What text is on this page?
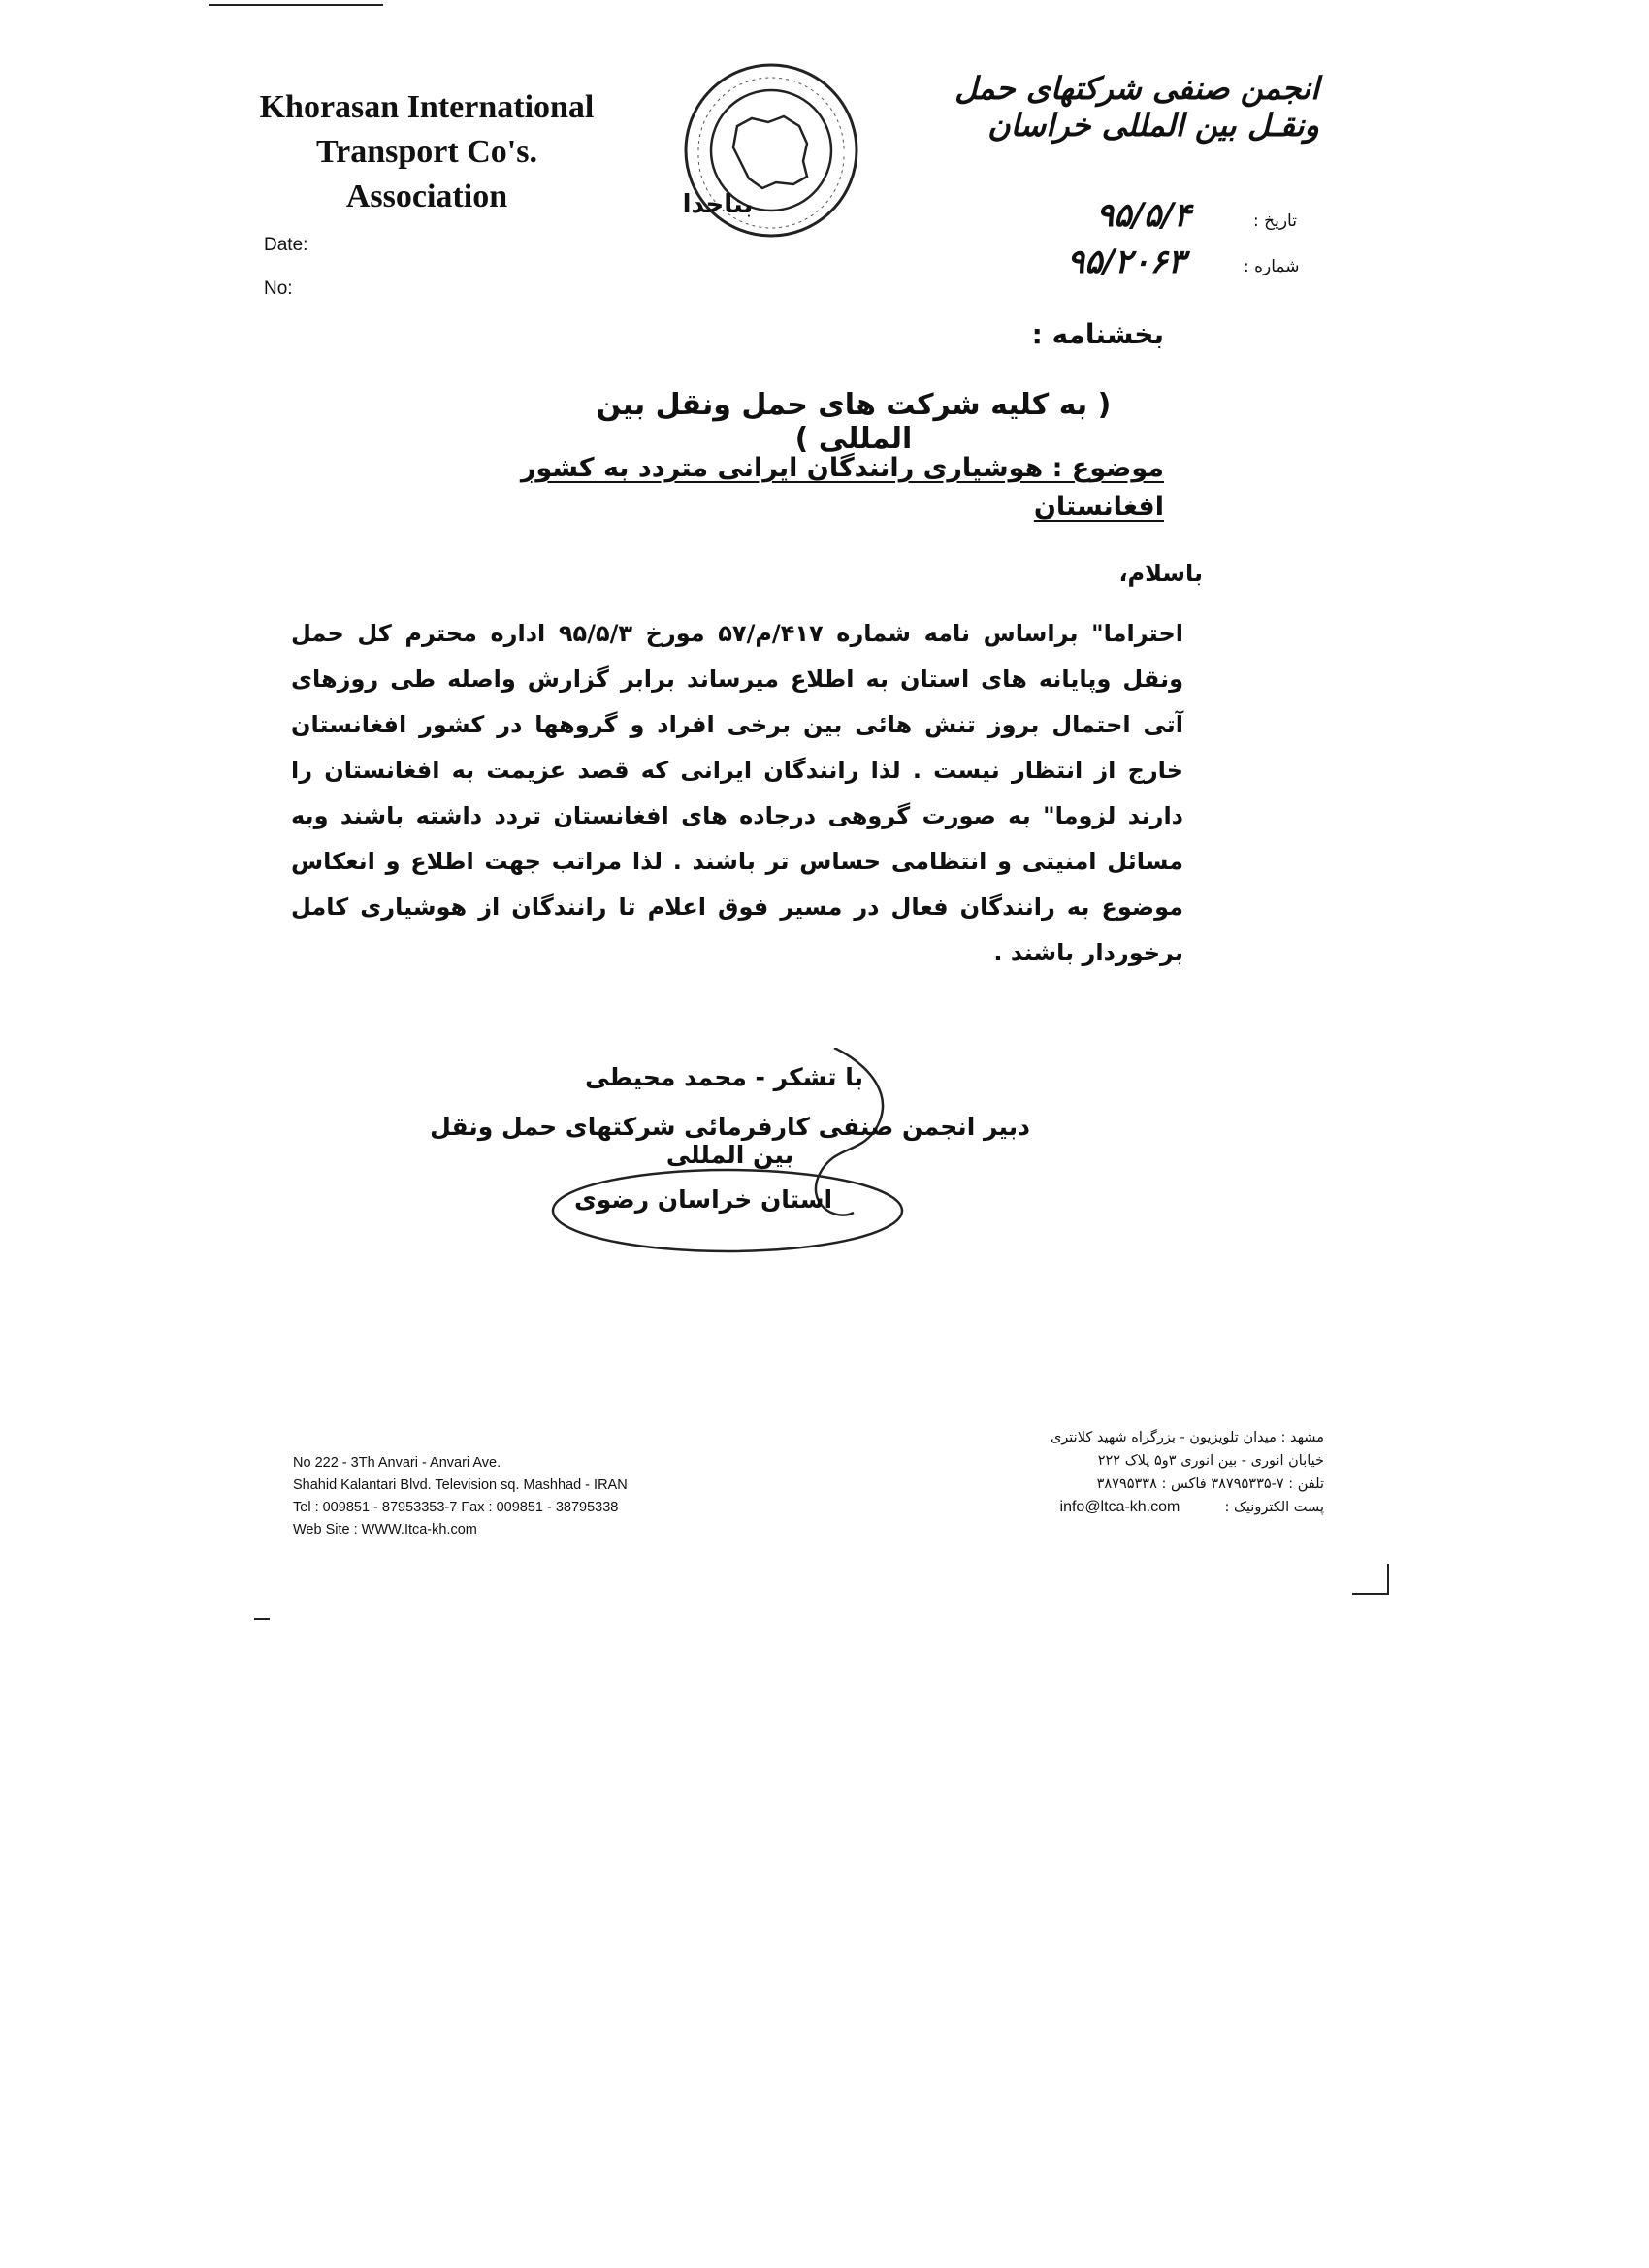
Khorasan International
Transport Co's. Association
انجمن صنفی شرکتهای حمل ونقـل بین المللی خراسان
بناحدا
Date:
No:
تاریخ :
شماره :
۹۵/۵/۴
۹۵/۲۰۶۳
بخشنامه :
( به کلیه شرکت های حمل ونقل بین المللی )
موضوع : هوشیاری رانندگان ایرانی متردد به کشور افغانستان
باسلام،
احتراما" براساس نامه شماره ۴۱۷/م/۵۷ مورخ ۹۵/۵/۳ اداره محترم کل حمل ونقل وپایانه های استان به اطلاع میرساند برابر گزارش واصله طی روزهای آتی احتمال بروز تنش هائی بین برخی افراد و گروهها در کشور افغانستان خارج از انتظار نیست . لذا رانندگان ایرانی که قصد عزیمت به افغانستان را دارند لزوما" به صورت گروهی درجاده های افغانستان تردد داشته باشند وبه مسائل امنیتی و انتظامی حساس تر باشند . لذا مراتب جهت اطلاع و انعکاس موضوع به رانندگان فعال در مسیر فوق اعلام تا رانندگان از هوشیاری کامل برخوردار باشند .
با تشکر - محمد محیطی
دبیر انجمن صنفی کارفرمائی شرکتهای حمل ونقل بین المللی
استان خراسان رضوی
No 222 - 3Th Anvari - Anvari Ave.
Shahid Kalantari Blvd. Television sq. Mashhad - IRAN
Tel : 009851 - 87953353-7 Fax : 009851 - 38795338
Web Site : WWW.Itca-kh.com
مشهد : میدان تلویزیون - بزرگراه شهید کلانتری
خیابان انوری - بین انوری ۳و۵ پلاک ۲۲۲
تلفن : ۷-۳۸۷۹۵۳۳۵ فاکس : ۳۸۷۹۵۳۳۸
پست الکترونیک :          info@ltca-kh.com
